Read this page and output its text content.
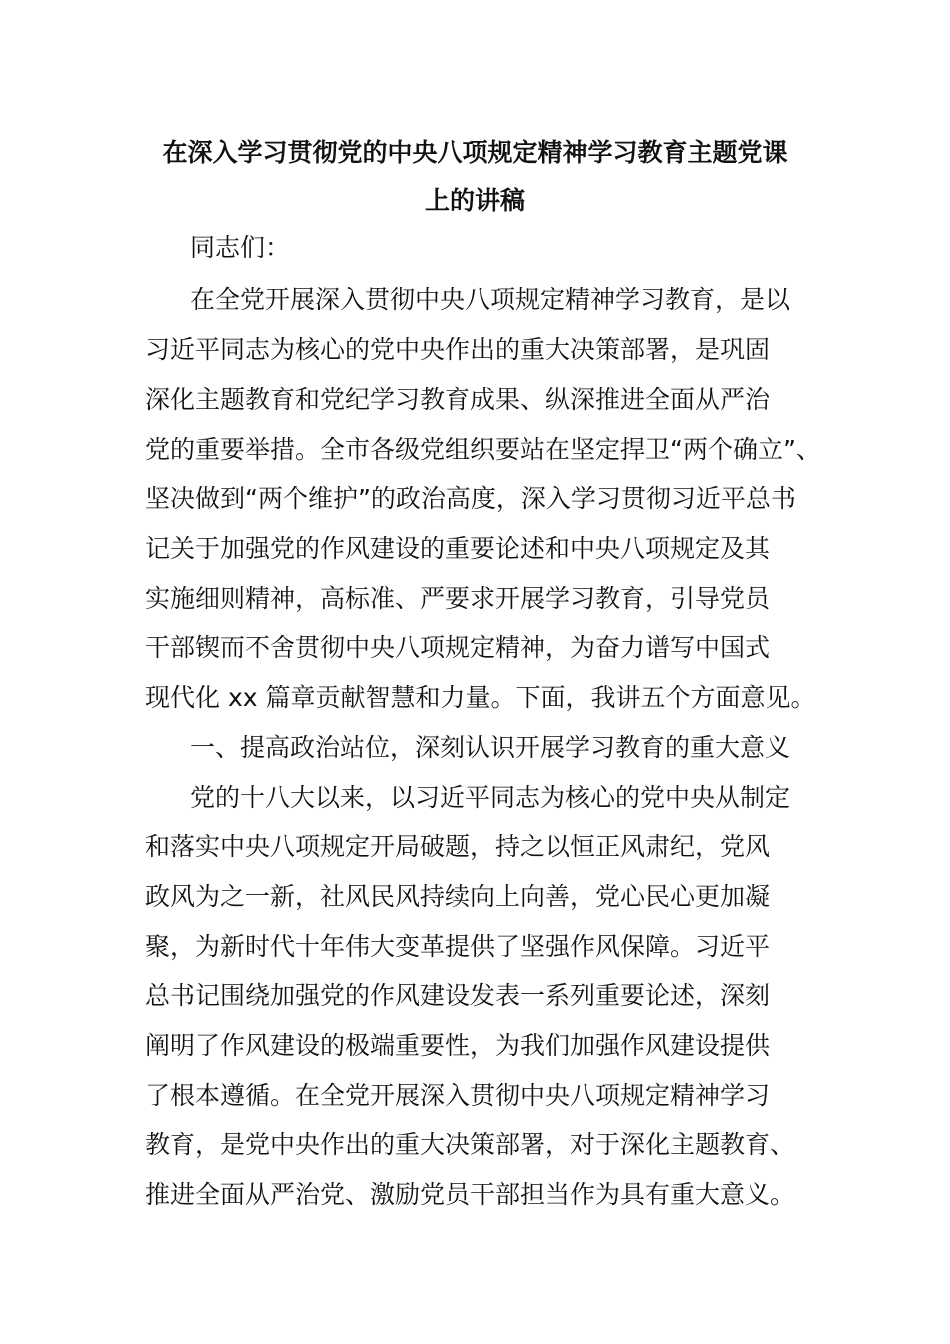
在深入学习贯彻党的中央八项规定精神学习教育主题党课
上的讲稿
同志们：
在全党开展深入贯彻中央八项规定精神学习教育，是以
习近平同志为核心的党中央作出的重大决策部署，是巩固
深化主题教育和党纪学习教育成果、纵深推进全面从严治
党的重要举措。全市各级党组织要站在坚定捍卫“两个确立”、
坚决做到“两个维护”的政治高度，深入学习贯彻习近平总书
记关于加强党的作风建设的重要论述和中央八项规定及其
实施细则精神，高标准、严要求开展学习教育，引导党员
干部锲而不舍贯彻中央八项规定精神，为奋力谱写中国式
现代化 xx 篇章贡献智慧和力量。下面，我讲五个方面意见。
一、提高政治站位，深刻认识开展学习教育的重大意义
党的十八大以来，以习近平同志为核心的党中央从制定
和落实中央八项规定开局破题，持之以恒正风肃纪，党风
政风为之一新，社风民风持续向上向善，党心民心更加凝
聚，为新时代十年伟大变革提供了坚强作风保障。习近平
总书记围绕加强党的作风建设发表一系列重要论述，深刻
阐明了作风建设的极端重要性，为我们加强作风建设提供
了根本遵循。在全党开展深入贯彻中央八项规定精神学习
教育，是党中央作出的重大决策部署，对于深化主题教育、
推进全面从严治党、激励党员干部担当作为具有重大意义。
